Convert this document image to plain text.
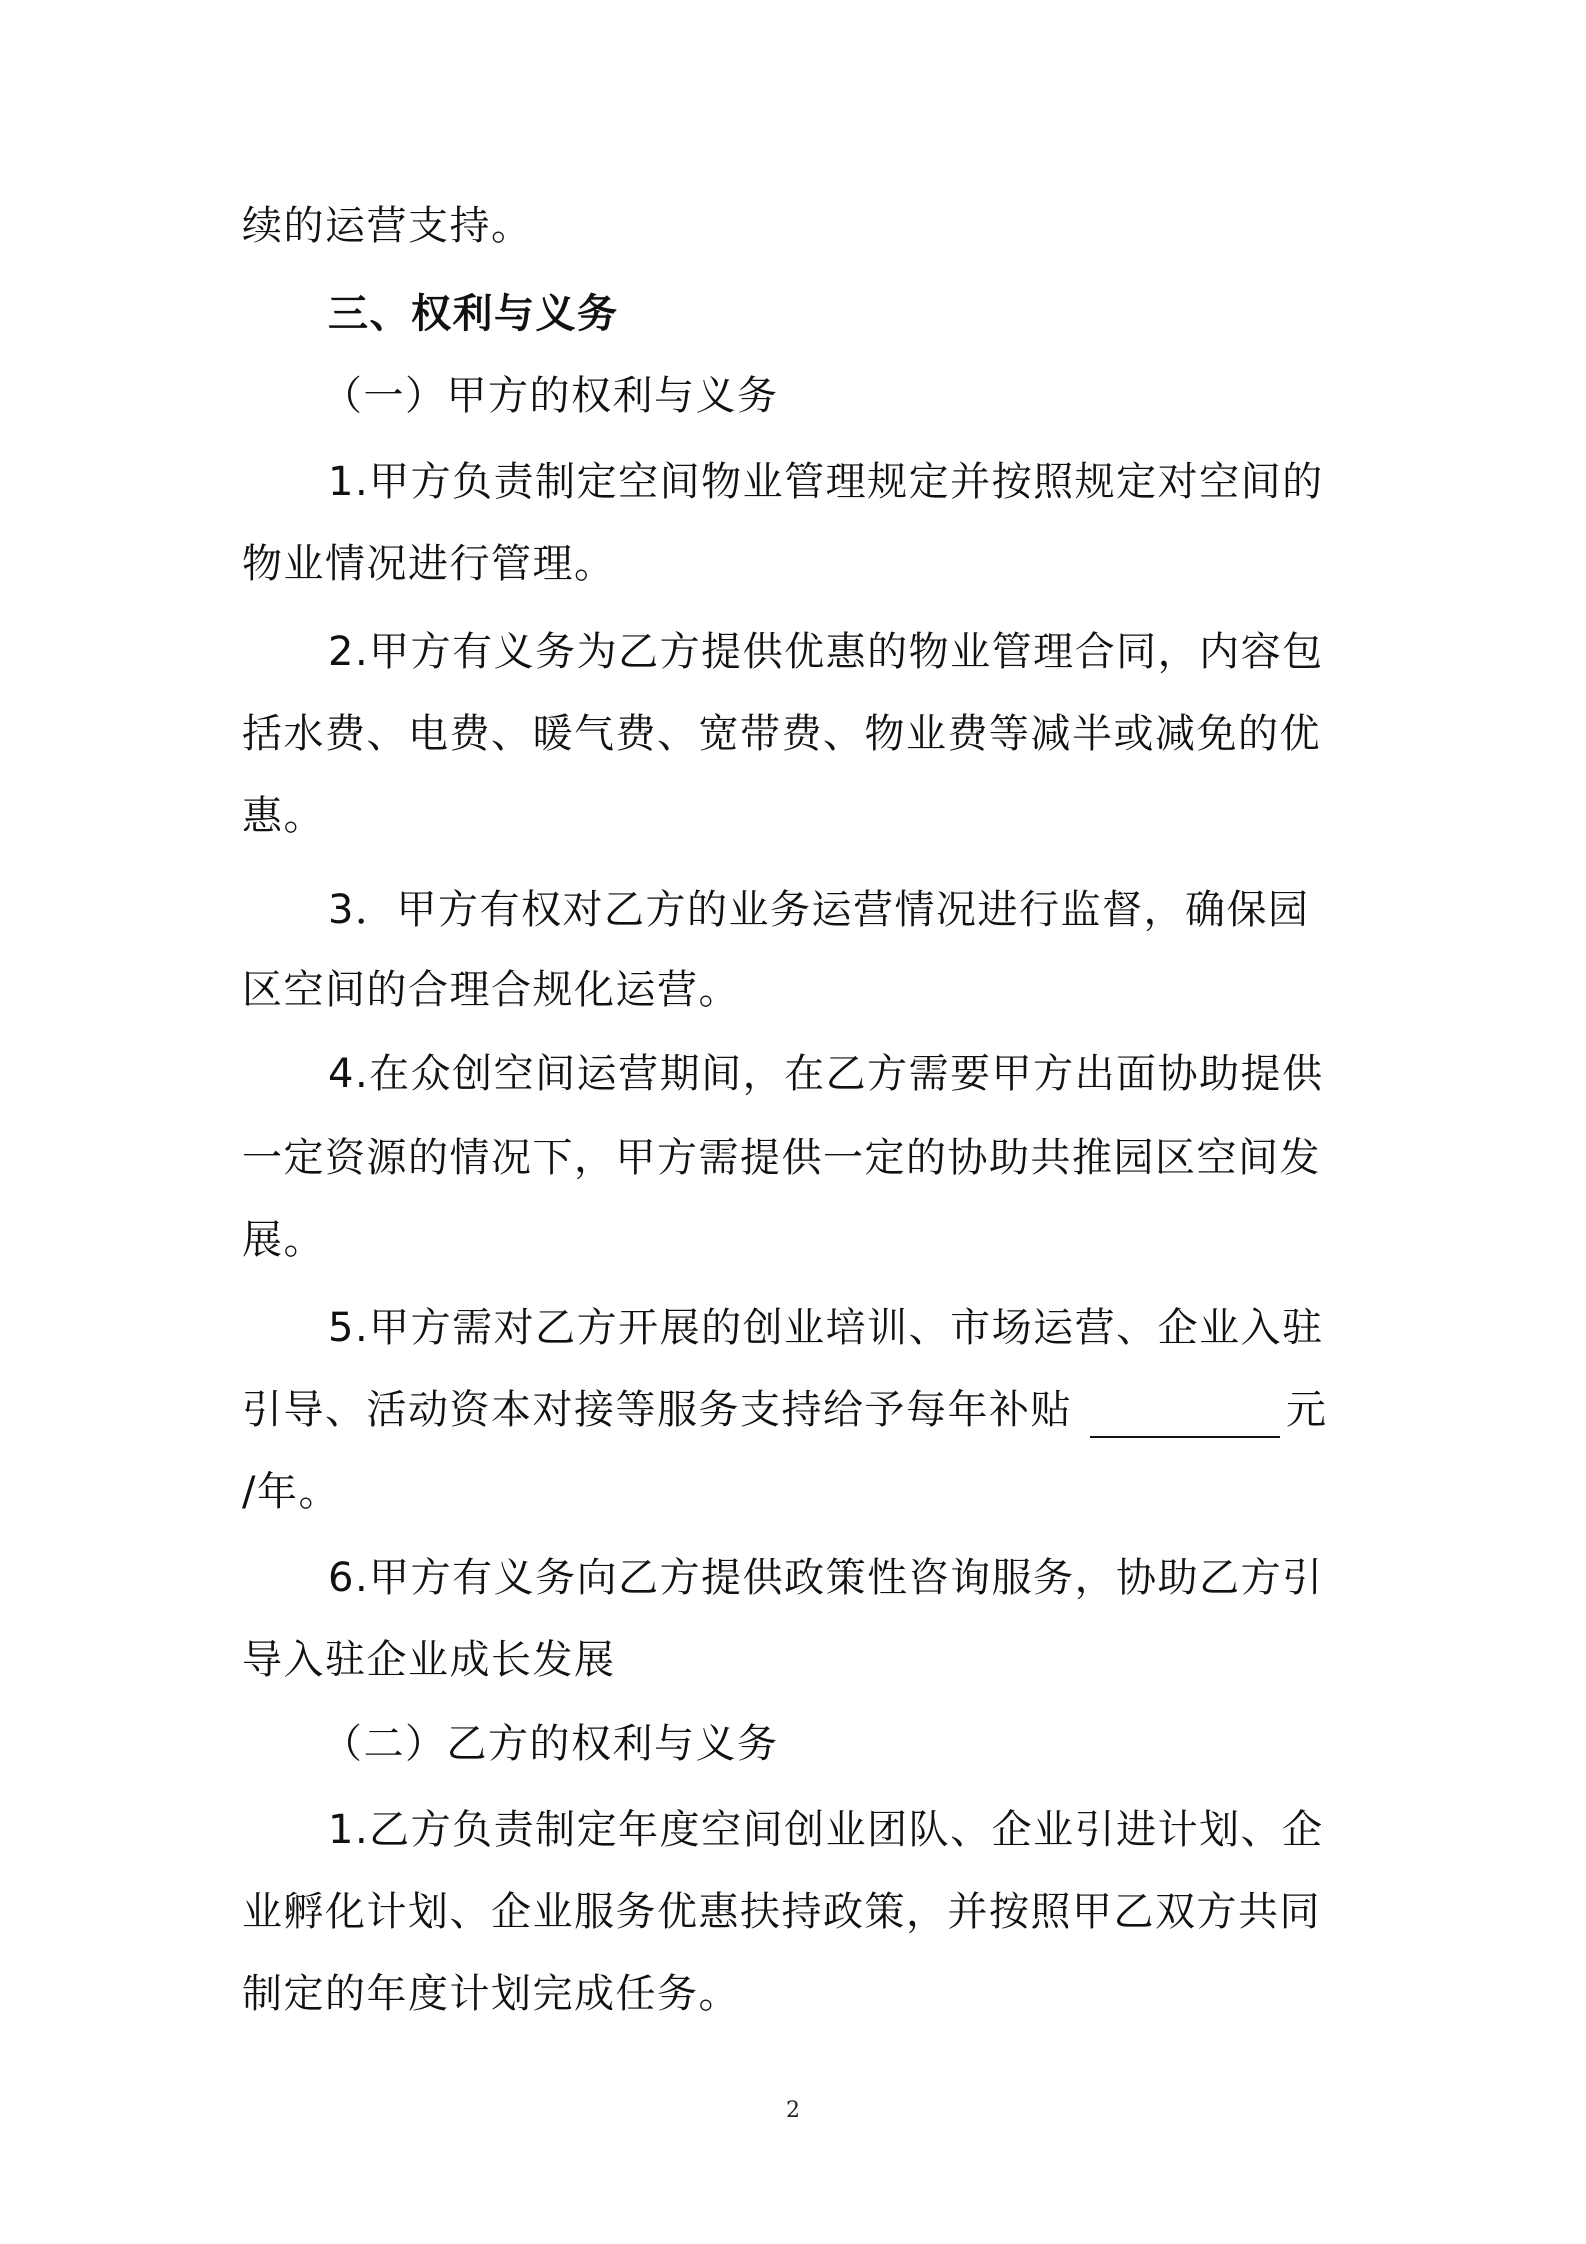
续的运营支持。
三、权利与义务
（一）甲方的权利与义务
1.甲方负责制定空间物业管理规定并按照规定对空间的
物业情况进行管理。
2.甲方有义务为乙方提供优惠的物业管理合同，内容包
括水费、电费、暖气费、宽带费、物业费等减半或减免的优
惠。
3．甲方有权对乙方的业务运营情况进行监督，确保园
区空间的合理合规化运营。
4.在众创空间运营期间，在乙方需要甲方出面协助提供
一定资源的情况下，甲方需提供一定的协助共推园区空间发
展。
5.甲方需对乙方开展的创业培训、市场运营、企业入驻
引导、活动资本对接等服务支持给予每年补贴	元
/年。
6.甲方有义务向乙方提供政策性咨询服务，协助乙方引
导入驻企业成长发展
（二）乙方的权利与义务
1.乙方负责制定年度空间创业团队、企业引进计划、企
业孵化计划、企业服务优惠扶持政策，并按照甲乙双方共同
制定的年度计划完成任务。
2
